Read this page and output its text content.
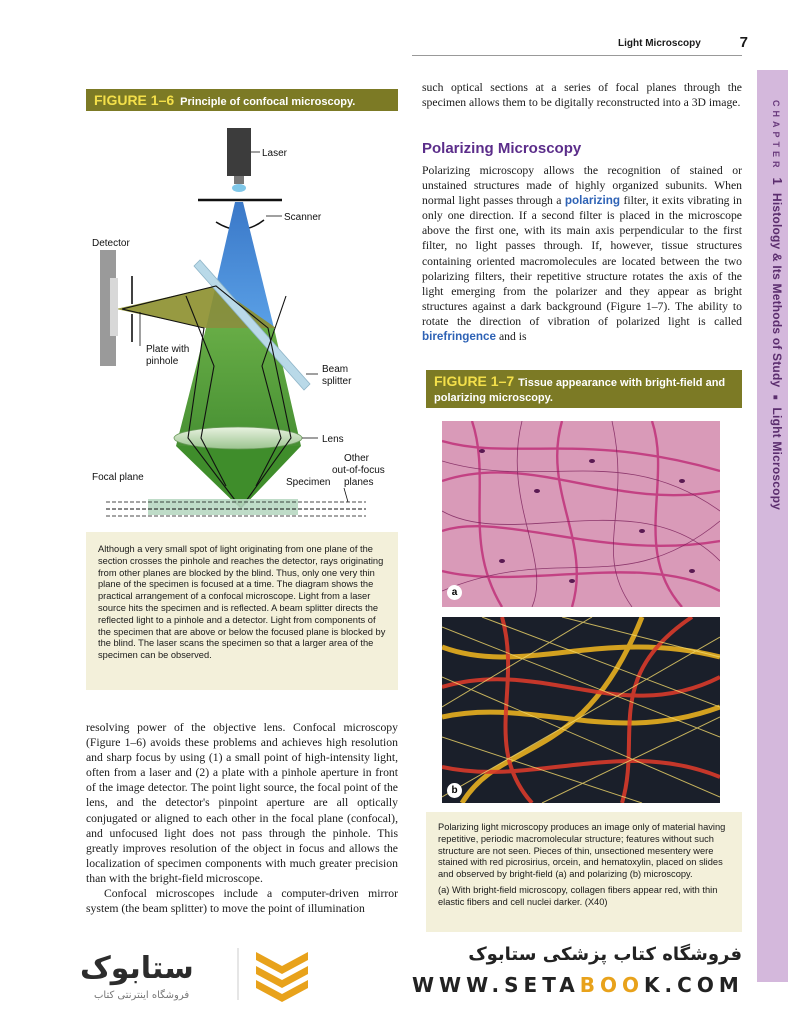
Light Microscopy	7
CHAPTER1Histology & Its Methods of Study ■ Light Microscopy
FIGURE 1–6 Principle of confocal microscopy.
Laser
Scanner
Detector
Plate with
pinhole
Beam
splitter
Lens
Other
out-of-focus
planes
Focal plane	Specimen

Although a very small spot of light originating from one plane of the section crosses the pinhole and reaches the detector, rays originating from other planes are blocked by the blind. Thus, only one very thin plane of the specimen is focused at a time. The diagram shows the practical arrangement of a confocal microscope. Light from a laser source hits the specimen and is reflected. A beam splitter directs the reflected light to a pinhole and a detector. Light from components of the specimen that are above or below the focused plane is blocked by the blind. The laser scans the specimen so that a larger area of the specimen can be observed.

such optical sections at a series of focal planes through the specimen allows them to be digitally reconstructed into a 3D image.

Polarizing Microscopy

Polarizing microscopy allows the recognition of stained or unstained structures made of highly organized subunits. When normal light passes through a polarizing filter, it exits vibrating in only one direction. If a second filter is placed in the microscope above the first one, with its main axis perpendicular to the first filter, no light passes through. If, however, tissue structures containing oriented macromolecules are located between the two polarizing filters, their repetitive structure rotates the axis of the light emerging from the polarizer and they appear as bright structures against a dark background (Figure 1–7). The ability to rotate the direction of vibration of polarized light is called birefringence and is

FIGURE 1–7 Tissue appearance with bright-field and polarizing microscopy.
a
b

Polarizing light microscopy produces an image only of material having repetitive, periodic macromolecular structure; features without such structure are not seen. Pieces of thin, unsectioned mesentery were stained with red picrosirius, orcein, and hematoxylin, placed on slides and observed by bright-field (a) and polarizing (b) microscopy.

(a) With bright-field microscopy, collagen fibers appear red, with thin elastic fibers and cell nuclei darker. (X40)

resolving power of the objective lens. Confocal microscopy (Figure 1–6) avoids these problems and achieves high resolution and sharp focus by using (1) a small point of high-intensity light, often from a laser and (2) a plate with a pinhole aperture in front of the image detector. The point light source, the focal point of the lens, and the detector's pinpoint aperture are all optically conjugated or aligned to each other in the focal plane (confocal), and unfocused light does not pass through the pinhole. This greatly improves resolution of the object in focus and allows the localization of specimen components with much greater precision than with the bright-field microscope.

Confocal microscopes include a computer-driven mirror system (the beam splitter) to move the point of illumination

ستابوک
فروشگاه اینترنتی کتاب
فروشگاه کتاب پزشکی ستابوک
WWW.SETABOOK.COM
